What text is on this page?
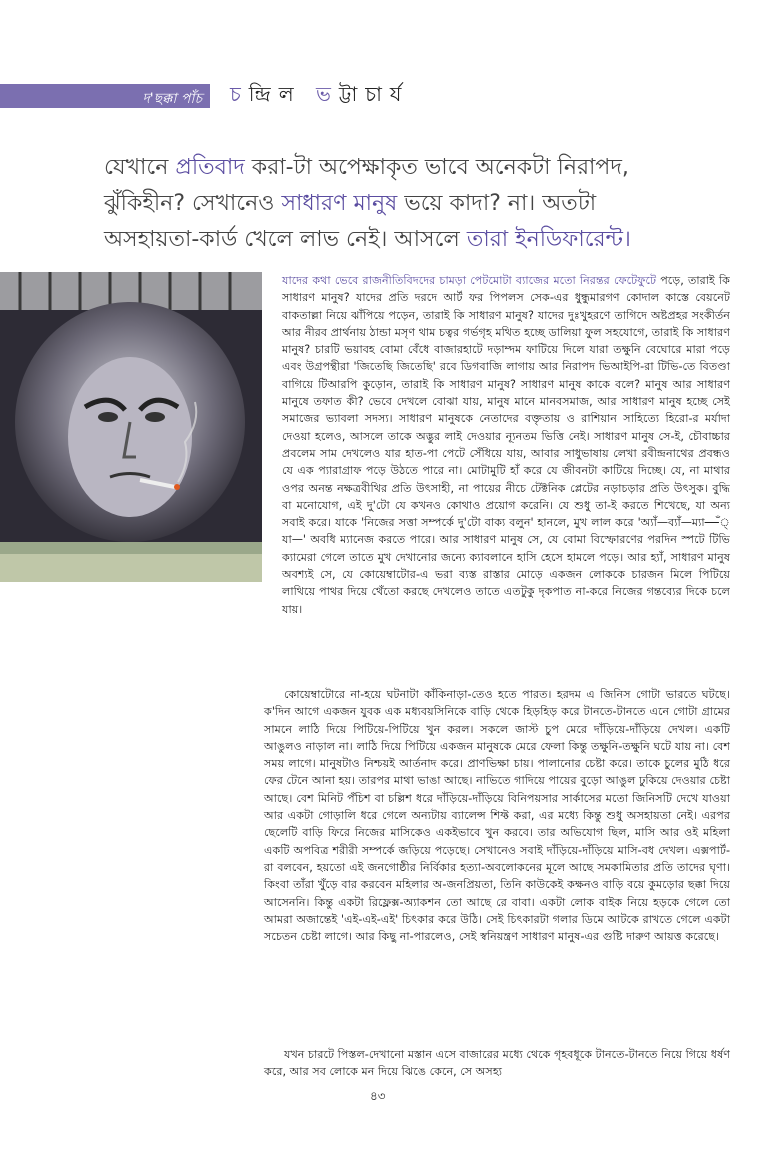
দ'ছক্কা পাঁচ চন্দ্রিল ভট্টাচার্য
যেখানে প্রতিবাদ করা-টা অপেক্ষাকৃত ভাবে অনেকটা নিরাপদ, ঝুঁকিহীন? সেখানেও সাধারণ মানুষ ভয়ে কাদা? না। অতটা অসহায়তা-কার্ড খেলে লাভ নেই। আসলে তারা ইনডিফারেন্ট।
যাদের কথা ভেবে রাজনীতিবিদদের চামড়া পেটমোটা ব্যাজের মতো নিরন্তর ফেটেফুটে পড়ে, তারাই কি সাধারণ মানুষ? যাদের প্রতি দরদে আর্ট ফর পিপলস সেক-এর ধুন্ধুমারগণ কোদাল কাস্তে বেয়নেট বাকতাল্লা নিয়ে ঝাঁপিয়ে পড়েন, তারাই কি সাধারণ মানুষ? যাদের দুঃখুহরণে তাগিদে অষ্টপ্রহর সংকীর্তন আর নীরব প্রার্থনায় ঠান্ডা মসৃণ থাম চত্বর গর্ভগৃহ মথিত হচ্ছে ডালিয়া ফুল সহযোগে, তারাই কি সাধারণ মানুষ? চারটি ভয়াবহ বোমা বেঁধে বাজারহাটে দড়াম্দম ফাটিয়ে দিলে যারা তক্ষুনি বেঘোরে মারা পড়ে এবং উগ্রপন্থীরা 'জিতেছি জিতেছি' রবে ডিগবাজি লাগায় আর নিরাপদ ভিআইপি-রা টিভি-তে বিতণ্ডা বাগিয়ে টিআরপি কুড়োন, তারাই কি সাধারণ মানুষ? সাধারণ মানুষ কাকে বলে? মানুষ আর সাধারণ মানুষে তফাত কী? ভেবে দেখলে বোঝা যায়, মানুষ মানে মানবসমাজ, আর সাধারণ মানুষ হচ্ছে সেই সমাজের ভ্যাবলা সদস্য। সাধারণ মানুষকে নেতাদের বক্তৃতায় ও রাশিয়ান সাহিত্যে হিরো-র মর্যাদা দেওয়া হলেও, আসলে তাকে অদ্ভুর লাই দেওয়ার ন্যূনতম ভিত্তি নেই। সাধারণ মানুষ সে-ই, চৌবাচ্চার প্রবলেম সাম দেখলেও যার হাত-পা পেটে সেঁধিয়ে যায়, আবার সাধুভাষায় লেখা রবীন্দ্রনাথের প্রবন্ধও যে এক প্যারাগ্রাফ পড়ে উঠতে পারে না। মোটামুটি হাঁ করে যে জীবনটা কাটিয়ে দিচ্ছে। যে, না মাথার ওপর অনন্ত নক্ষত্রবীথির প্রতি উৎসাহী, না পায়ের নীচে টেক্টনিক প্লেটের নড়াচড়ার প্রতি উৎসুক। বুদ্ধি বা মনোযোগ, এই দু'টো যে কখনও কোথাও প্রয়োগ করেনি। যে শুধু তা-ই করতে শিখেছে, যা অন্য সবাই করে। যাকে 'নিজের সত্তা সম্পর্কে দু'টো বাক্য বলুন' হানলে, মুখ লাল করে 'অ্যাঁ—ব্যাঁ—ম্যা—ঁ্যা—' অবধি ম্যানেজ করতে পারে। আর সাধারণ মানুষ সে, যে বোমা বিস্ফোরণের পরদিন স্পটে টিভি ক্যামেরা গেলে তাতে মুখ দেখানোর জন্যে ক্যাবলানে হাসি হেসে হামলে পড়ে। আর হ্যাঁ, সাধারণ মানুষ অবশ্যই সে, যে কোয়েম্বাটোর-এ ভরা ব্যস্ত রাস্তার মোড়ে একজন লোককে চারজন মিলে পিটিয়ে লাথিয়ে পাথর দিয়ে থেঁতো করছে দেখলেও তাতে এতটুকু দৃকপাত না-করে নিজের গন্তব্যের দিকে চলে যায়।
কোয়েম্বাটোরে না-হয়ে ঘটনাটা কাঁকিনাড়া-তেও হতে পারত। হরদম এ জিনিস গোটা ভারতে ঘটছে। ক'দিন আগে একজন যুবক এক মধ্যবয়সিনিকে বাড়ি থেকে হিড়হিড় করে টানতে-টানতে এনে গোটা গ্রামের সামনে লাঠি দিয়ে পিটিয়ে-পিটিয়ে খুন করল। সকলে জাস্ট চুপ মেরে দাঁড়িয়ে-দাঁড়িয়ে দেখল। একটি আঙুলও নাড়াল না। লাঠি দিয়ে পিটিয়ে একজন মানুষকে মেরে ফেলা কিন্তু তক্ষুনি-তক্ষুনি ঘটে যায় না। বেশ সময় লাগে। মানুষটাও নিশ্চয়ই আর্তনাদ করে। প্রাণভিক্ষা চায়। পালানোর চেষ্টা করে। তাকে চুলের মুঠি ধরে ফের টেনে আনা হয়। তারপর মাথা ভাঙা আছে। নাভিতে গাদিয়ে পায়ের বুড়ো আঙুল ঢুকিয়ে দেওয়ার চেষ্টা আছে। বেশ মিনিট পঁচিশ বা চল্লিশ ধরে দাঁড়িয়ে-দাঁড়িয়ে বিনিপয়সার সার্কাসের মতো জিনিসটি দেখে যাওয়া আর একটা গোড়ালি ধরে গেলে অন্যটায় ব্যালেন্স শিফ্ট করা, এর মধ্যে কিন্তু শুধু অসহায়তা নেই। এরপর ছেলেটি বাড়ি ফিরে নিজের মাসিকেও একইভাবে খুন করবে। তার অভিযোগ ছিল, মাসি আর ওই মহিলা একটি অপবিত্র শরীরী সম্পর্কে জড়িয়ে পড়েছে। সেখানেও সবাই দাঁড়িয়ে-দাঁড়িয়ে মাসি-বধ দেখল। এক্সপার্ট-রা বলবেন, হয়তো এই জনগোষ্ঠীর নির্বিকার হত্যা-অবলোকনের মূলে আছে সমকামিতার প্রতি তাদের ঘৃণা। কিংবা তাঁরা খুঁড়ে বার করবেন মহিলার অ-জনপ্রিয়তা, তিনি কাউকেই কক্ষনও বাড়ি বয়ে কুমড়োর ছক্কা দিয়ে আসেননি। কিন্তু একটা রিফ্লেক্স-অ্যাকশন তো আছে রে বাবা। একটা লোক বাইক নিয়ে হড়কে গেলে তো আমরা অজান্তেই 'এই-এই-এই' চিৎকার করে উঠি। সেই চিৎকারটা গলার ডিমে আটকে রাখতে গেলে একটা সচেতন চেষ্টা লাগে। আর কিছু না-পারলেও, সেই স্বনিয়ন্ত্রণ সাধারণ মানুষ-এর গুষ্টি দারুণ আয়ত্ত করেছে।
যখন চারটে পিস্তল-দেখানো মস্তান এসে বাজারের মধ্যে থেকে গৃহবধূকে টানতে-টানতে নিয়ে গিয়ে ধর্ষণ করে, আর সব লোকে মন দিয়ে ঝিঙে কেনে, সে অসহ্য
৪৩
